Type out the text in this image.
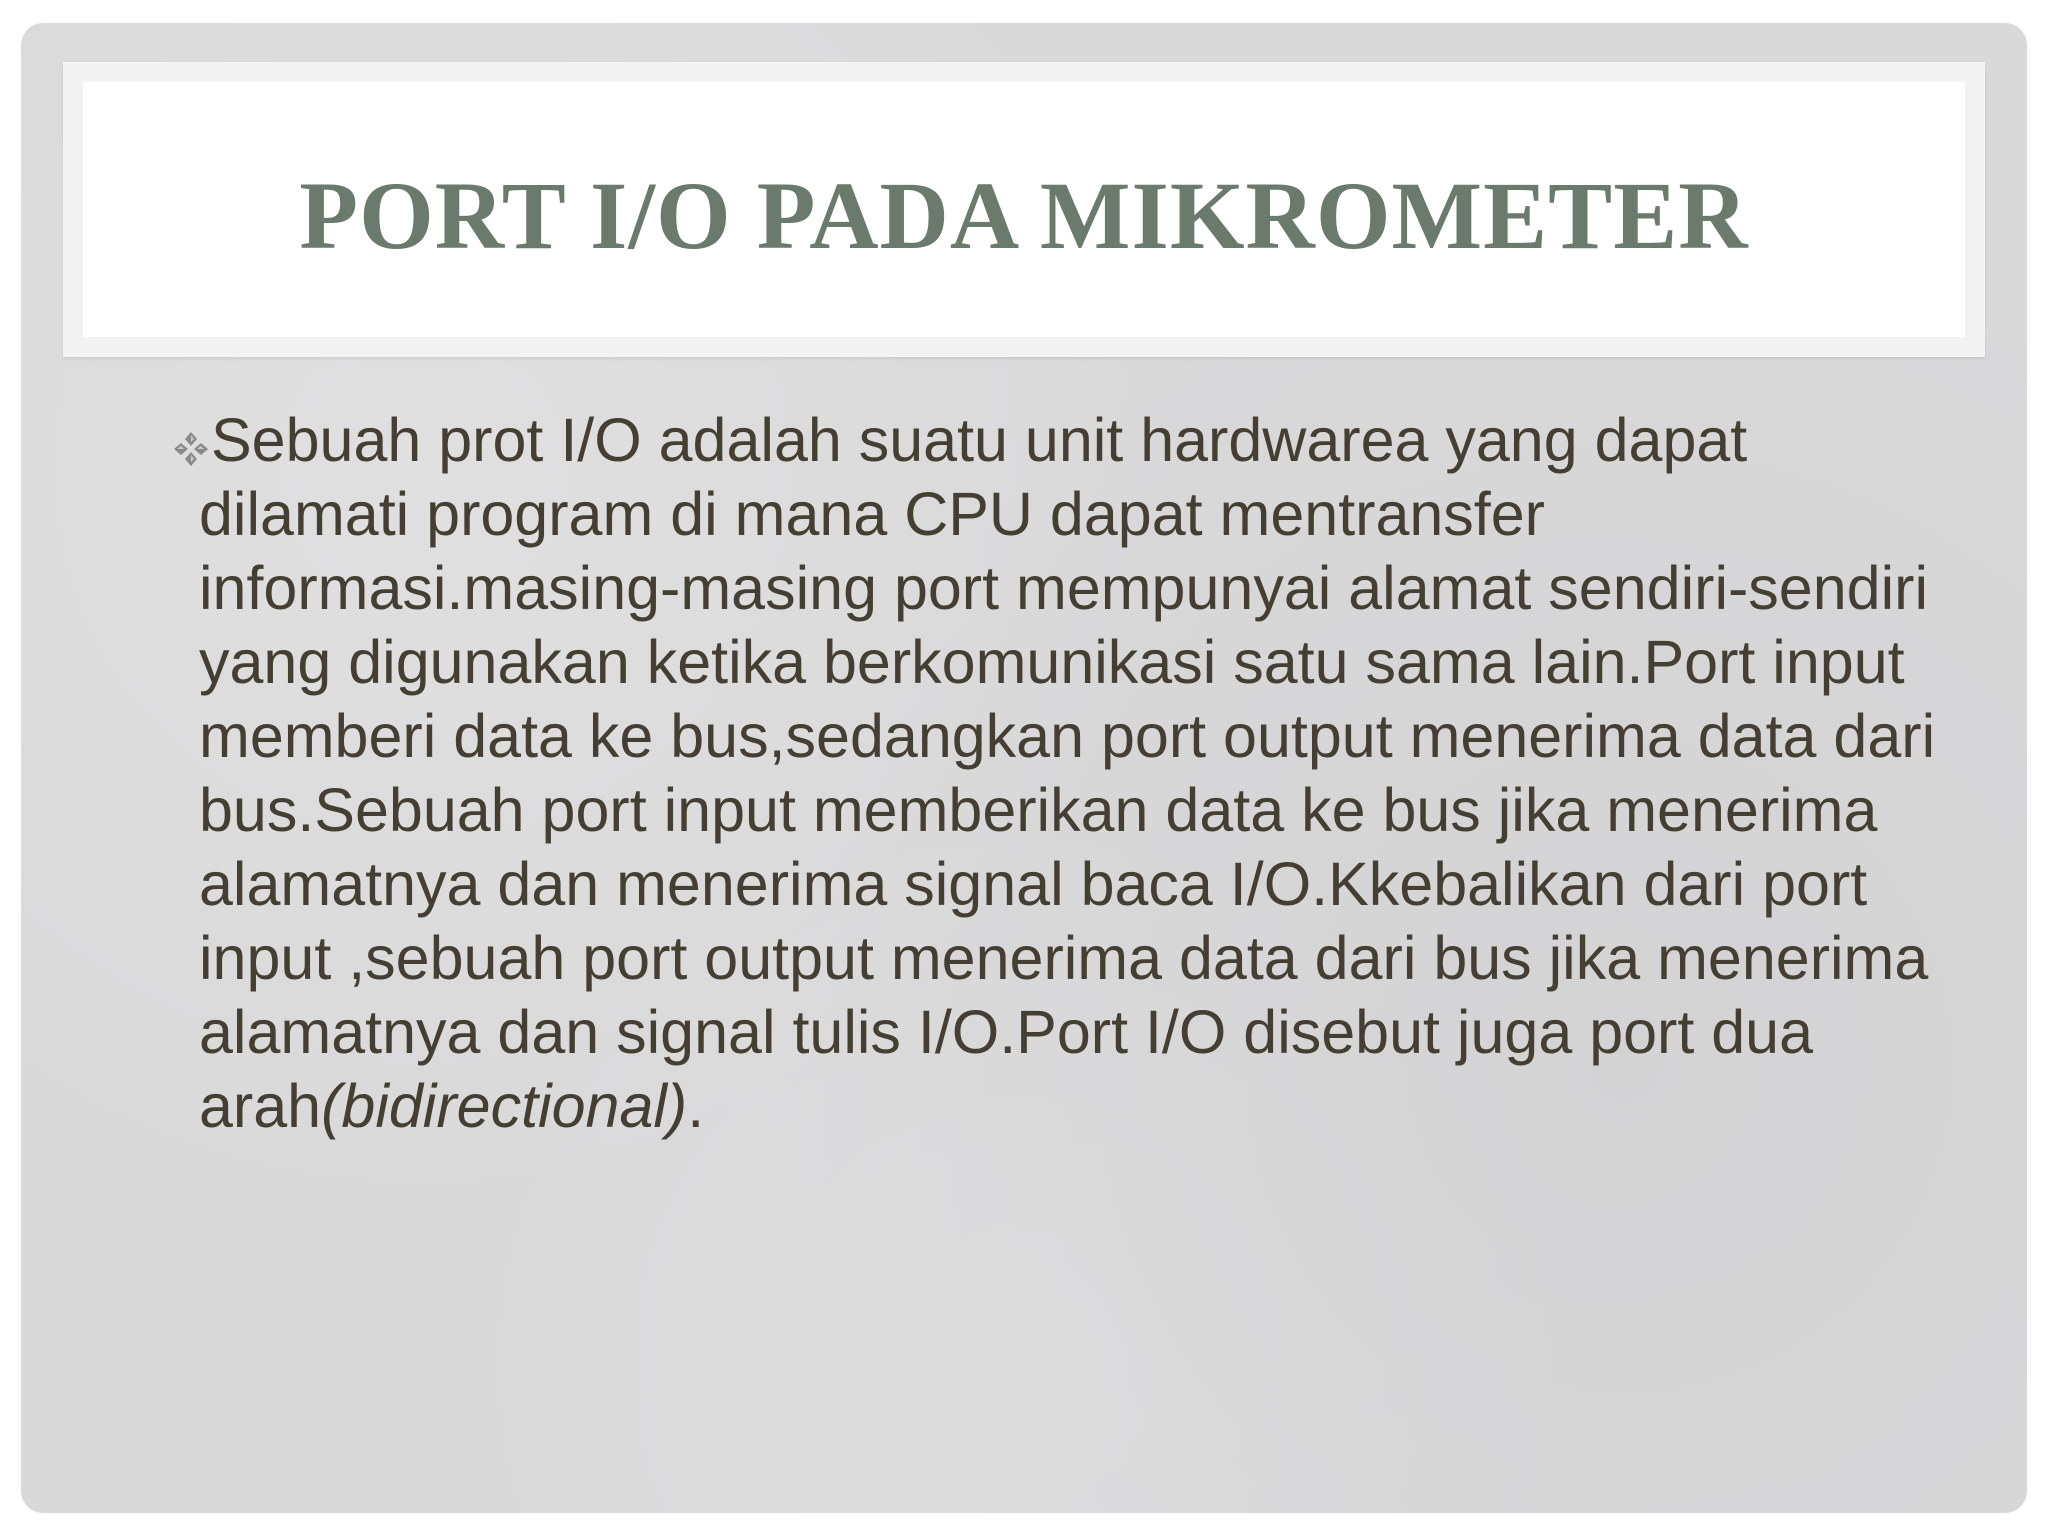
PORT I/O PADA MIKROMETER

Sebuah prot I/O adalah suatu unit hardwarea yang dapat dilamati program di mana CPU dapat mentransfer informasi.masing-masing port mempunyai alamat sendiri-sendiri yang digunakan ketika berkomunikasi satu sama lain.Port input memberi data ke bus,sedangkan port output menerima data dari bus.Sebuah port input memberikan data ke bus jika menerima alamatnya dan menerima signal baca I/O.Kkebalikan dari port input ,sebuah port output menerima data dari bus jika menerima alamatnya dan signal tulis I/O.Port I/O disebut juga port dua arah(bidirectional).
